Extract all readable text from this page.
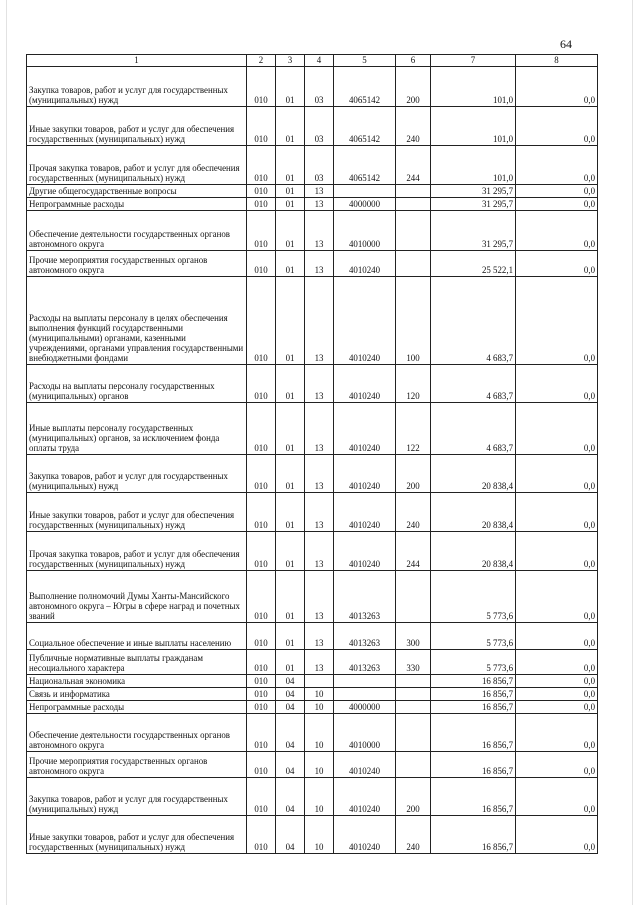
64
1	2	3	4	5	6	7	8
Закупка товаров, работ и услуг для государственных (муниципальных) нужд	010	01	03	4065142	200	101,0	0,0
Иные закупки товаров, работ и услуг для обеспечения государственных (муниципальных) нужд	010	01	03	4065142	240	101,0	0,0
Прочая закупка товаров, работ и услуг для обеспечения государственных (муниципальных) нужд	010	01	03	4065142	244	101,0	0,0
Другие общегосударственные вопросы	010	01	13			31 295,7	0,0
Непрограммные расходы	010	01	13	4000000		31 295,7	0,0
Обеспечение деятельности государственных органов автономного округа	010	01	13	4010000		31 295,7	0,0
Прочие мероприятия государственных органов автономного округа	010	01	13	4010240		25 522,1	0,0
Расходы на выплаты персоналу в целях обеспечения выполнения функций государственными (муниципальными) органами, казенными учреждениями, органами управления государственными внебюджетными фондами	010	01	13	4010240	100	4 683,7	0,0
Расходы на выплаты персоналу государственных (муниципальных) органов	010	01	13	4010240	120	4 683,7	0,0
Иные выплаты персоналу государственных (муниципальных) органов, за исключением фонда оплаты труда	010	01	13	4010240	122	4 683,7	0,0
Закупка товаров, работ и услуг для государственных (муниципальных) нужд	010	01	13	4010240	200	20 838,4	0,0
Иные закупки товаров, работ и услуг для обеспечения государственных (муниципальных) нужд	010	01	13	4010240	240	20 838,4	0,0
Прочая закупка товаров, работ и услуг для обеспечения государственных (муниципальных) нужд	010	01	13	4010240	244	20 838,4	0,0
Выполнение полномочий Думы Ханты-Мансийского автономного округа – Югры в сфере наград и почетных званий	010	01	13	4013263		5 773,6	0,0
Социальное обеспечение и иные выплаты населению	010	01	13	4013263	300	5 773,6	0,0
Публичные нормативные выплаты гражданам несоциального характера	010	01	13	4013263	330	5 773,6	0,0
Национальная экономика	010	04				16 856,7	0,0
Связь и информатика	010	04	10			16 856,7	0,0
Непрограммные расходы	010	04	10	4000000		16 856,7	0,0
Обеспечение деятельности государственных органов автономного округа	010	04	10	4010000		16 856,7	0,0
Прочие мероприятия государственных органов автономного округа	010	04	10	4010240		16 856,7	0,0
Закупка товаров, работ и услуг для государственных (муниципальных) нужд	010	04	10	4010240	200	16 856,7	0,0
Иные закупки товаров, работ и услуг для обеспечения государственных (муниципальных) нужд	010	04	10	4010240	240	16 856,7	0,0
